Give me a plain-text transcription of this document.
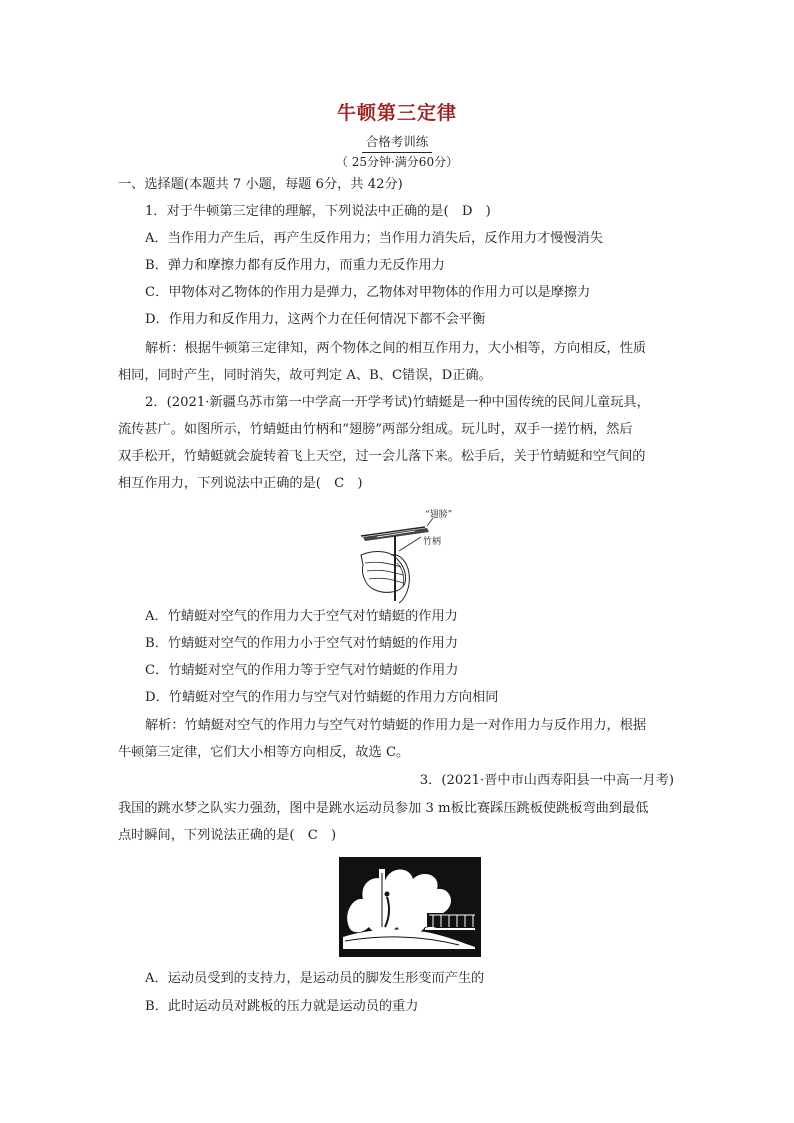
牛顿第三定律
合格考训练
（ 25分钟·满分60分）
一、选择题(本题共 7 小题，每题 6分，共 42分)
1．对于牛顿第三定律的理解，下列说法中正确的是(　D　)
A．当作用力产生后，再产生反作用力；当作用力消失后，反作用力才慢慢消失
B．弹力和摩擦力都有反作用力，而重力无反作用力
C．甲物体对乙物体的作用力是弹力，乙物体对甲物体的作用力可以是摩擦力
D．作用力和反作用力，这两个力在任何情况下都不会平衡
解析：根据牛顿第三定律知，两个物体之间的相互作用力，大小相等，方向相反，性质
相同，同时产生，同时消失，故可判定 A、B、C错误，D正确。
2．(2021·新疆乌苏市第一中学高一开学考试)竹蜻蜓是一种中国传统的民间儿童玩具，
流传甚广。如图所示，竹蜻蜓由竹柄和“翅膀”两部分组成。玩儿时，双手一搓竹柄，然后
双手松开，竹蜻蜓就会旋转着飞上天空，过一会儿落下来。松手后，关于竹蜻蜓和空气间的
相互作用力，下列说法中正确的是(　C　)
“翅膀”
竹柄
A．竹蜻蜓对空气的作用力大于空气对竹蜻蜓的作用力
B．竹蜻蜓对空气的作用力小于空气对竹蜻蜓的作用力
C．竹蜻蜓对空气的作用力等于空气对竹蜻蜓的作用力
D．竹蜻蜓对空气的作用力与空气对竹蜻蜓的作用力方向相同
解析：竹蜻蜓对空气的作用力与空气对竹蜻蜓的作用力是一对作用力与反作用力，根据
牛顿第三定律，它们大小相等方向相反，故选 C。
3．(2021·晋中市山西寿阳县一中高一月考)
我国的跳水梦之队实力强劲，图中是跳水运动员参加 3 m板比赛踩压跳板使跳板弯曲到最低
点时瞬间，下列说法正确的是(　C　)
A．运动员受到的支持力，是运动员的脚发生形变而产生的
B．此时运动员对跳板的压力就是运动员的重力
